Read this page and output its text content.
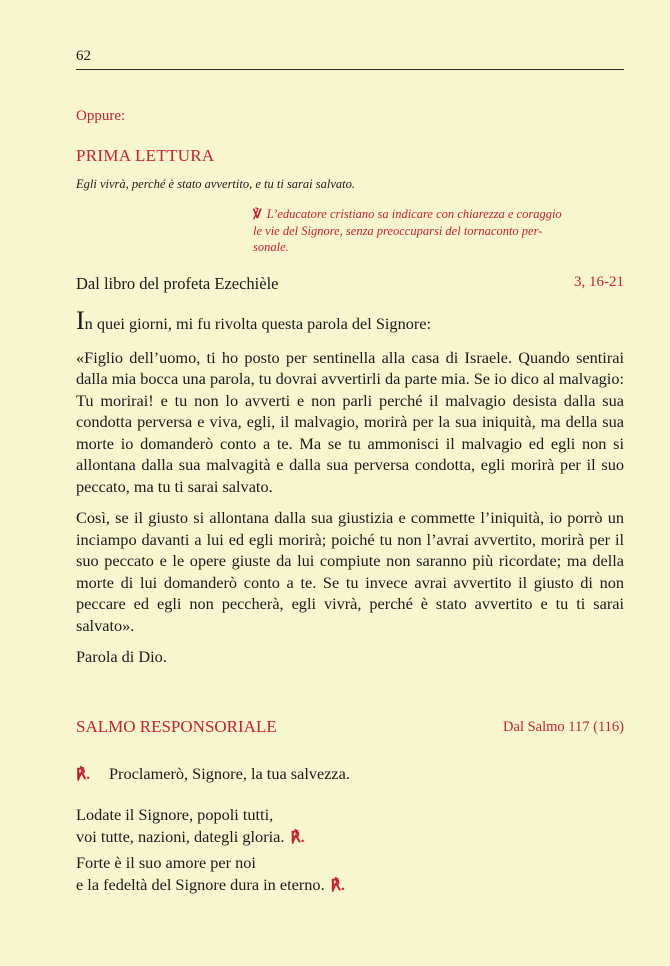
62
Oppure:
PRIMA LETTURA
Egli vivrà, perché è stato avvertito, e tu ti sarai salvato.
℣ L’educatore cristiano sa indicare con chiarezza e coraggio
le vie del Signore, senza preoccuparsi del tornaconto per-
sonale.
Dal libro del profeta Ezechièle	3, 16-21

In quei giorni, mi fu rivolta questa parola del Signore:

«Figlio dell’uomo, ti ho posto per sentinella alla casa di Israele. Quando sentirai dalla mia bocca una parola, tu dovrai avvertirli da parte mia. Se io dico al malvagio: Tu morirai! e tu non lo avverti e non parli perché il malvagio desista dalla sua condotta perversa e viva, egli, il malvagio, morirà per la sua iniquità, ma della sua morte io domanderò conto a te. Ma se tu ammonisci il malvagio ed egli non si allontana dalla sua malvagità e dalla sua perversa condotta, egli morirà per il suo peccato, ma tu ti sarai salvato.

Così, se il giusto si allontana dalla sua giustizia e commette l’iniquità, io porrò un inciampo davanti a lui ed egli morirà; poiché tu non l’avrai avvertito, morirà per il suo peccato e le opere giuste da lui compiute non saranno più ricordate; ma della morte di lui domanderò conto a te. Se tu invece avrai avvertito il giusto di non peccare ed egli non peccherà, egli vivrà, perché è stato avvertito e tu ti sarai salvato».

Parola di Dio.

SALMO RESPONSORIALE	Dal Salmo 117 (116)
℟. Proclamerò, Signore, la tua salvezza.
Lodate il Signore, popoli tutti,
voi tutte, nazioni, dategli gloria. ℟.
Forte è il suo amore per noi
e la fedeltà del Signore dura in eterno. ℟.
